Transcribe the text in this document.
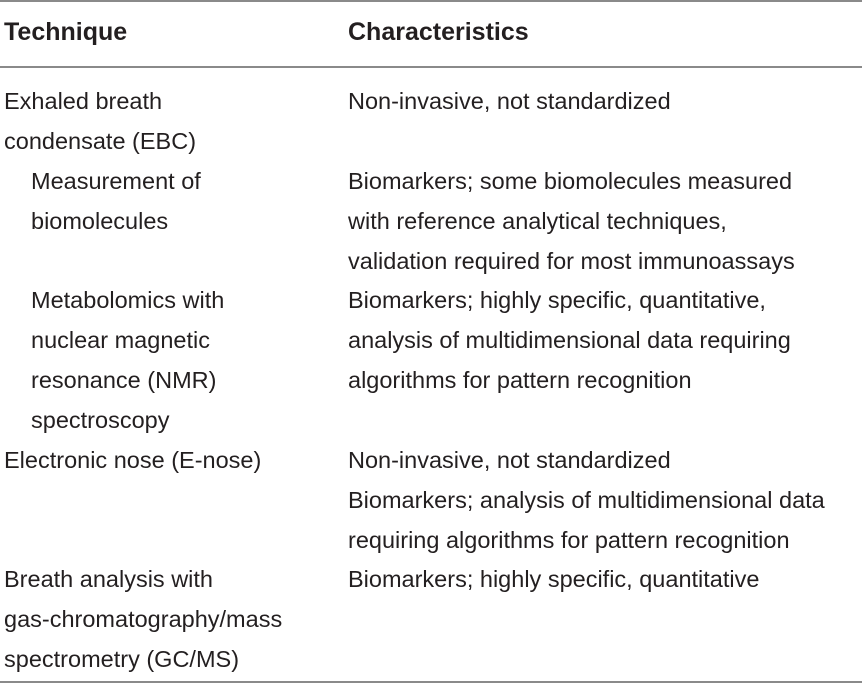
Technique	Characteristics
Exhaled breath
condensate (EBC)
Non-invasive, not standardized
Measurement of
biomolecules
Biomarkers; some biomolecules measured
with reference analytical techniques,
validation required for most immunoassays
Metabolomics with
nuclear magnetic
resonance (NMR)
spectroscopy
Biomarkers; highly specific, quantitative,
analysis of multidimensional data requiring
algorithms for pattern recognition
Electronic nose (E-nose)	Non-invasive, not standardized
Biomarkers; analysis of multidimensional data
requiring algorithms for pattern recognition
Breath analysis with
gas-chromatography/mass
spectrometry (GC/MS)
Biomarkers; highly specific, quantitative
